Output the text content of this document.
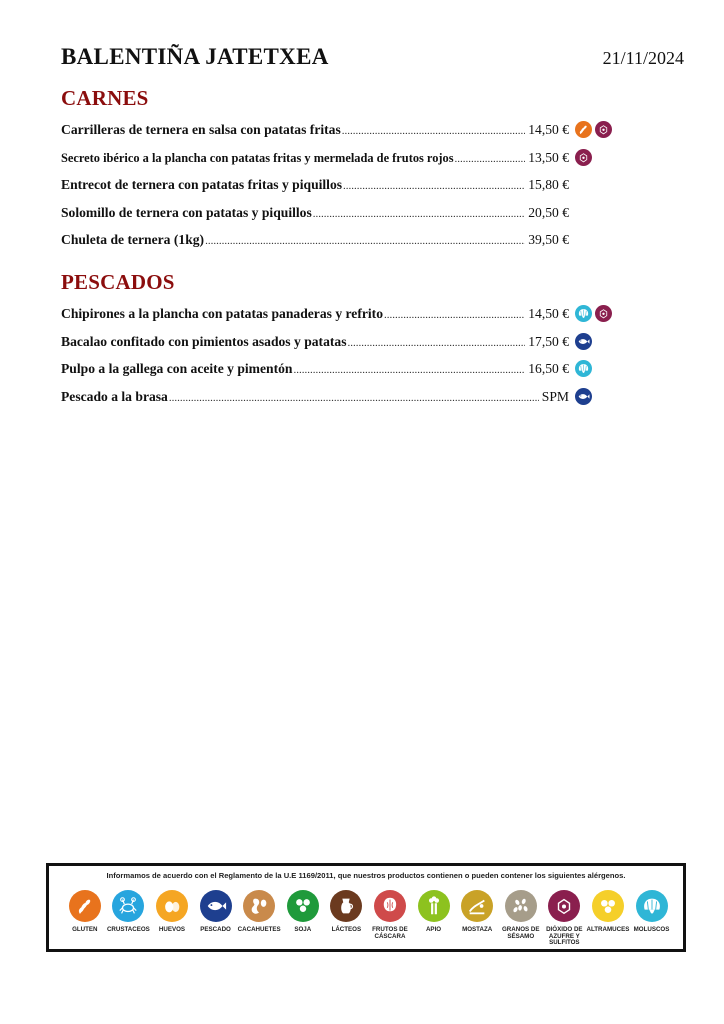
BALENTIÑA JATETXEA	21/11/2024
CARNES
Carrilleras de ternera en salsa con patatas fritas .....	14,50 €
Secreto ibérico a la plancha con patatas fritas y mermelada de frutos rojos .....	13,50 €
Entrecot de ternera con patatas fritas y piquillos .....	15,80 €
Solomillo de ternera con patatas y piquillos .....	20,50 €
Chuleta de ternera (1kg) .....	39,50 €
PESCADOS
Chipirones a la plancha con patatas panaderas y refrito .....	14,50 €
Bacalao confitado con pimientos asados y patatas .....	17,50 €
Pulpo a la gallega con aceite y pimentón .....	16,50 €
Pescado a la brasa .....	SPM
Informamos de acuerdo con el Reglamento de la U.E 1169/2011, que nuestros productos contienen o pueden contener los siguientes alérgenos.
GLUTEN CRUSTACEOS HUEVOS PESCADO CACAHUETES SOJA	LÁCTEOS	FRUTOS DE CÁSCARA
APIO	MOSTAZA	GRANOS DE SÉSAMO
DIÓXIDO DE AZUFRE Y SULFITOS
ALTRAMUCES MOLUSCOS
